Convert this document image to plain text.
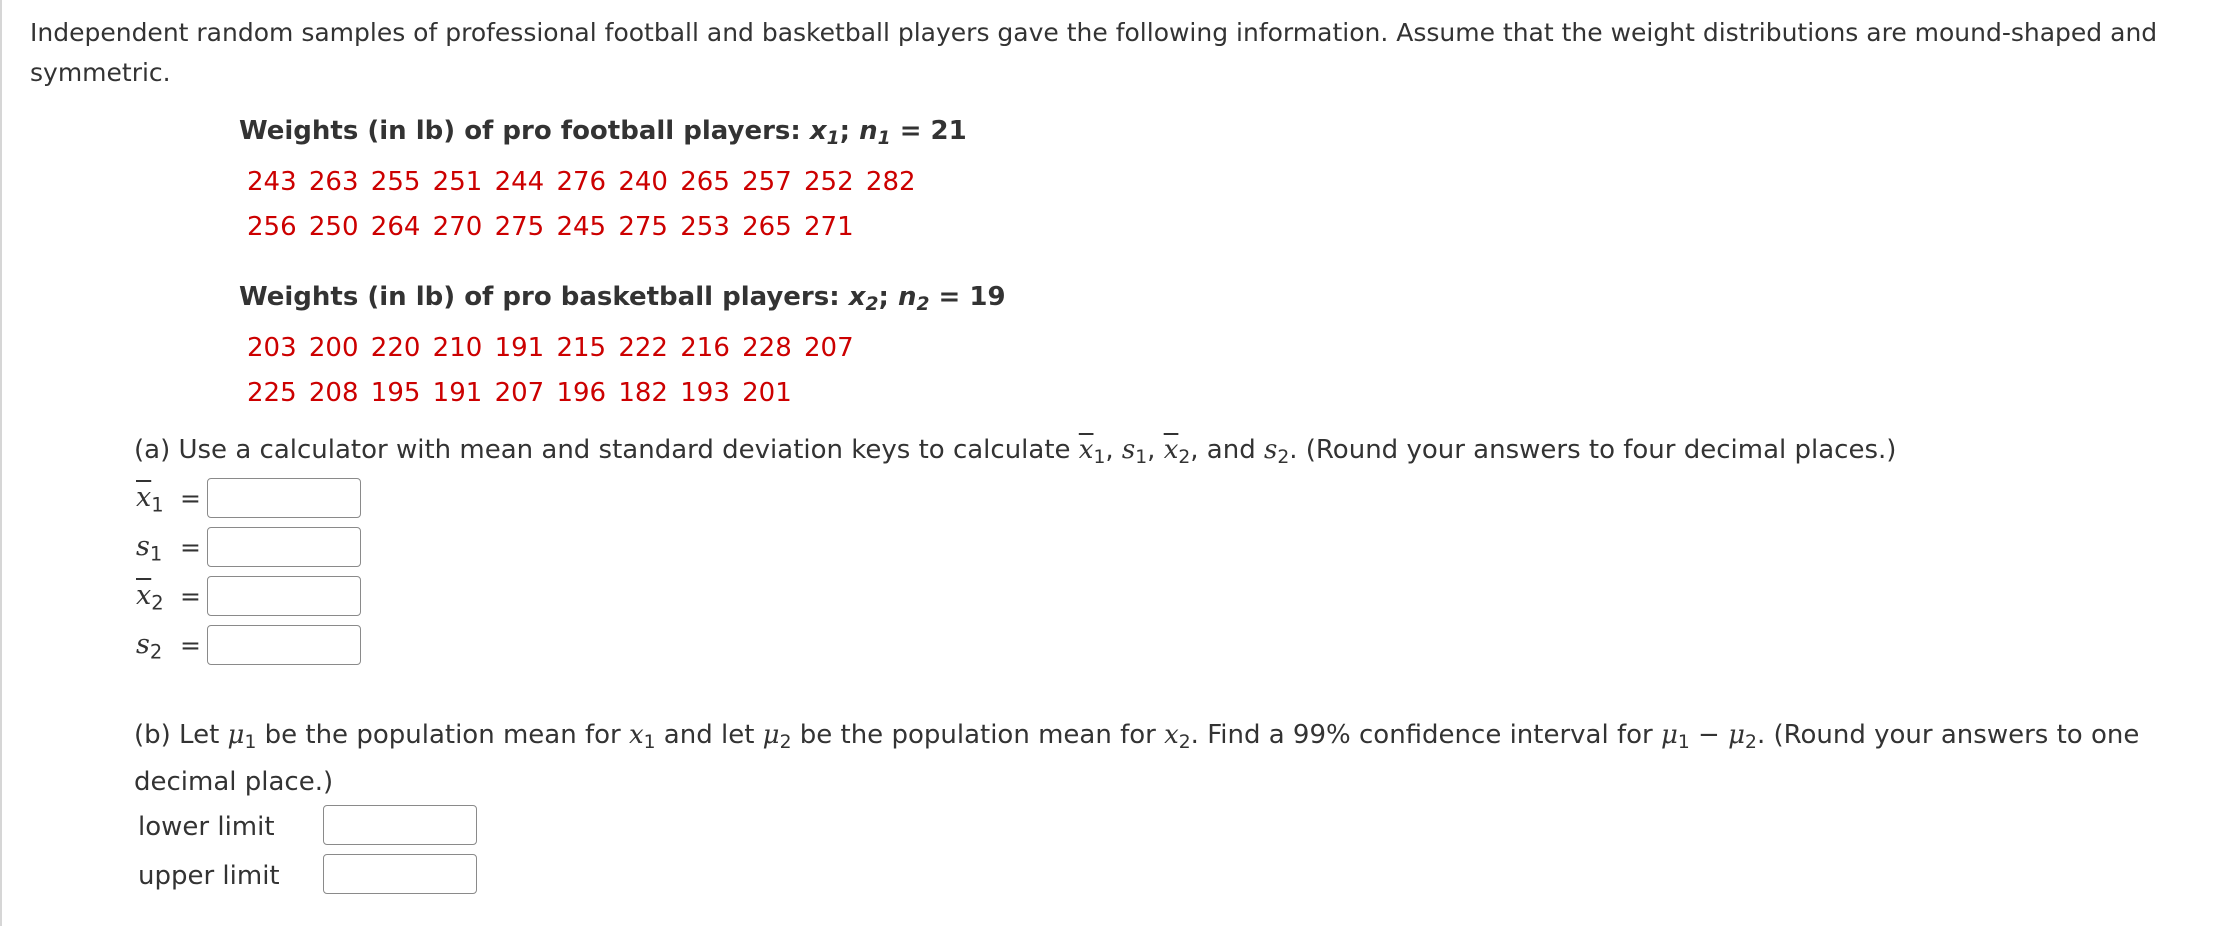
Independent random samples of professional football and basketball players gave the following information. Assume that the weight distributions are mound-shaped and symmetric.
Weights (in lb) of pro football players: $x_1$; $n_1 = 21$
243 263 255 251 244 276 240 265 257 252 282
256 250 264 270 275 245 275 253 265 271
Weights (in lb) of pro basketball players: $x_2$; $n_2 = 19$
203 200 220 210 191 215 222 216 228 207
225 208 195 191 207 196 182 193 201
(a) Use a calculator with mean and standard deviation keys to calculate $\overline{x}_1$, $s_1$, $\overline{x}_2$, and $s_2$. (Round your answers to four decimal places.)
$\overline{x}_1$ =
$s_1$ =
$\overline{x}_2$ =
$s_2$ =
(b) Let $\mu_1$ be the population mean for $x_1$ and let $\mu_2$ be the population mean for $x_2$. Find a 99% confidence interval for $\mu_1 - \mu_2$. (Round your answers to one
decimal place.)
lower limit
upper limit
